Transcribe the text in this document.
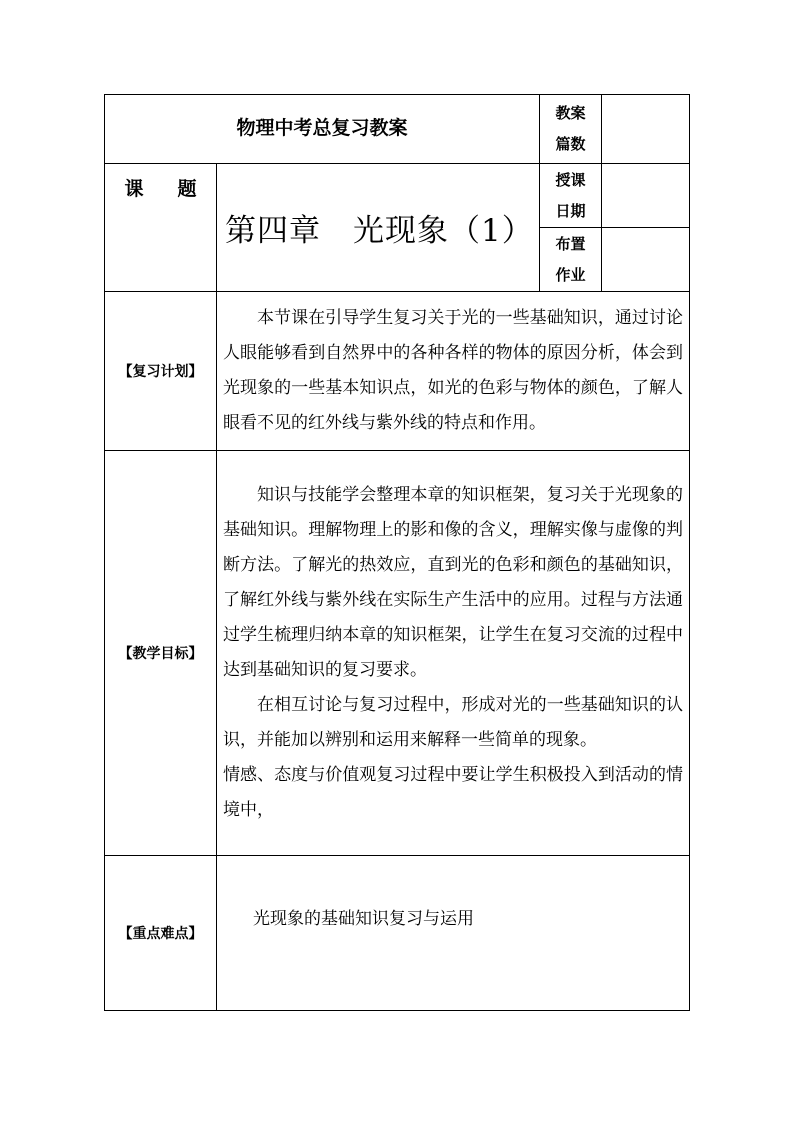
物理中考总复习教案		教案
篇数	

课 题	第四章　光现象（1）	授课
日期	

		布置
作业	

【复习计划】	本节课在引导学生复习关于光的一些基础知识，通过讨论人眼能够看到自然界中的各种各样的物体的原因分析，体会到光现象的一些基本知识点，如光的色彩与物体的颜色，了解人眼看不见的红外线与紫外线的特点和作用。		

【教学目标】	知识与技能学会整理本章的知识框架，复习关于光现象的基础知识。理解物理上的影和像的含义，理解实像与虚像的判断方法。了解光的热效应，直到光的色彩和颜色的基础知识，了解红外线与紫外线在实际生产生活中的应用。过程与方法通过学生梳理归纳本章的知识框架，让学生在复习交流的过程中达到基础知识的复习要求。

在相互讨论与复习过程中，形成对光的一些基础知识的认识，并能加以辨别和运用来解释一些简单的现象。

情感、态度与价值观复习过程中要让学生积极投入到活动的情境中，		

【重点难点】	光现象的基础知识复习与运用		
